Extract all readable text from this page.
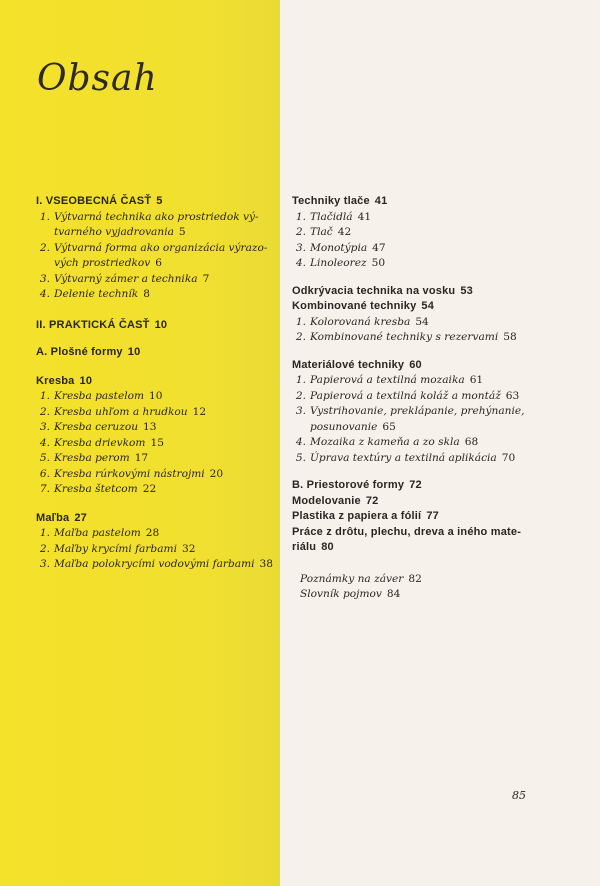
Obsah
I. VSEOBECNÁ ČASŤ 5
1. Výtvarná technika ako prostriedok vý- tvarného vyjadrovania 5
2. Výtvarná forma ako organizácia výrazo- vých prostriedkov 6
3. Výtvarný zámer a technika 7
4. Delenie techník 8
II. PRAKTICKÁ ČASŤ 10
A. Plošné formy 10
Kresba 10
1. Kresba pastelom 10
2. Kresba uhľom a hrudkou 12
3. Kresba ceruzou 13
4. Kresba drievkom 15
5. Kresba perom 17
6. Kresba rúrkovými nástrojmi 20
7. Kresba štetcom 22
Maľba 27
1. Maľba pastelom 28
2. Maľby krycími farbami 32
3. Maľba polokrycími vodovými farbami 38
Techniky tlače 41
1. Tlačidlá 41
2. Tlač 42
3. Monotýpia 47
4. Linoleorez 50
Odkrývacia technika na vosku 53
Kombinované techniky 54
1. Kolorovaná kresba 54
2. Kombinované techniky s rezervami 58
Materiálové techniky 60
1. Papierová a textilná mozaika 61
2. Papierová a textilná koláž a montáž 63
3. Vystrihovanie, preklápanie, prehýnanie, posunovanie 65
4. Mozaika z kameňa a zo skla 68
5. Úprava textúry a textilná aplikácia 70
B. Priestorové formy 72
Modelovanie 72
Plastika z papiera a fólií 77
Práce z drôtu, plechu, dreva a iného mate- riálu 80
Poznámky na záver 82
Slovník pojmov 84
85
